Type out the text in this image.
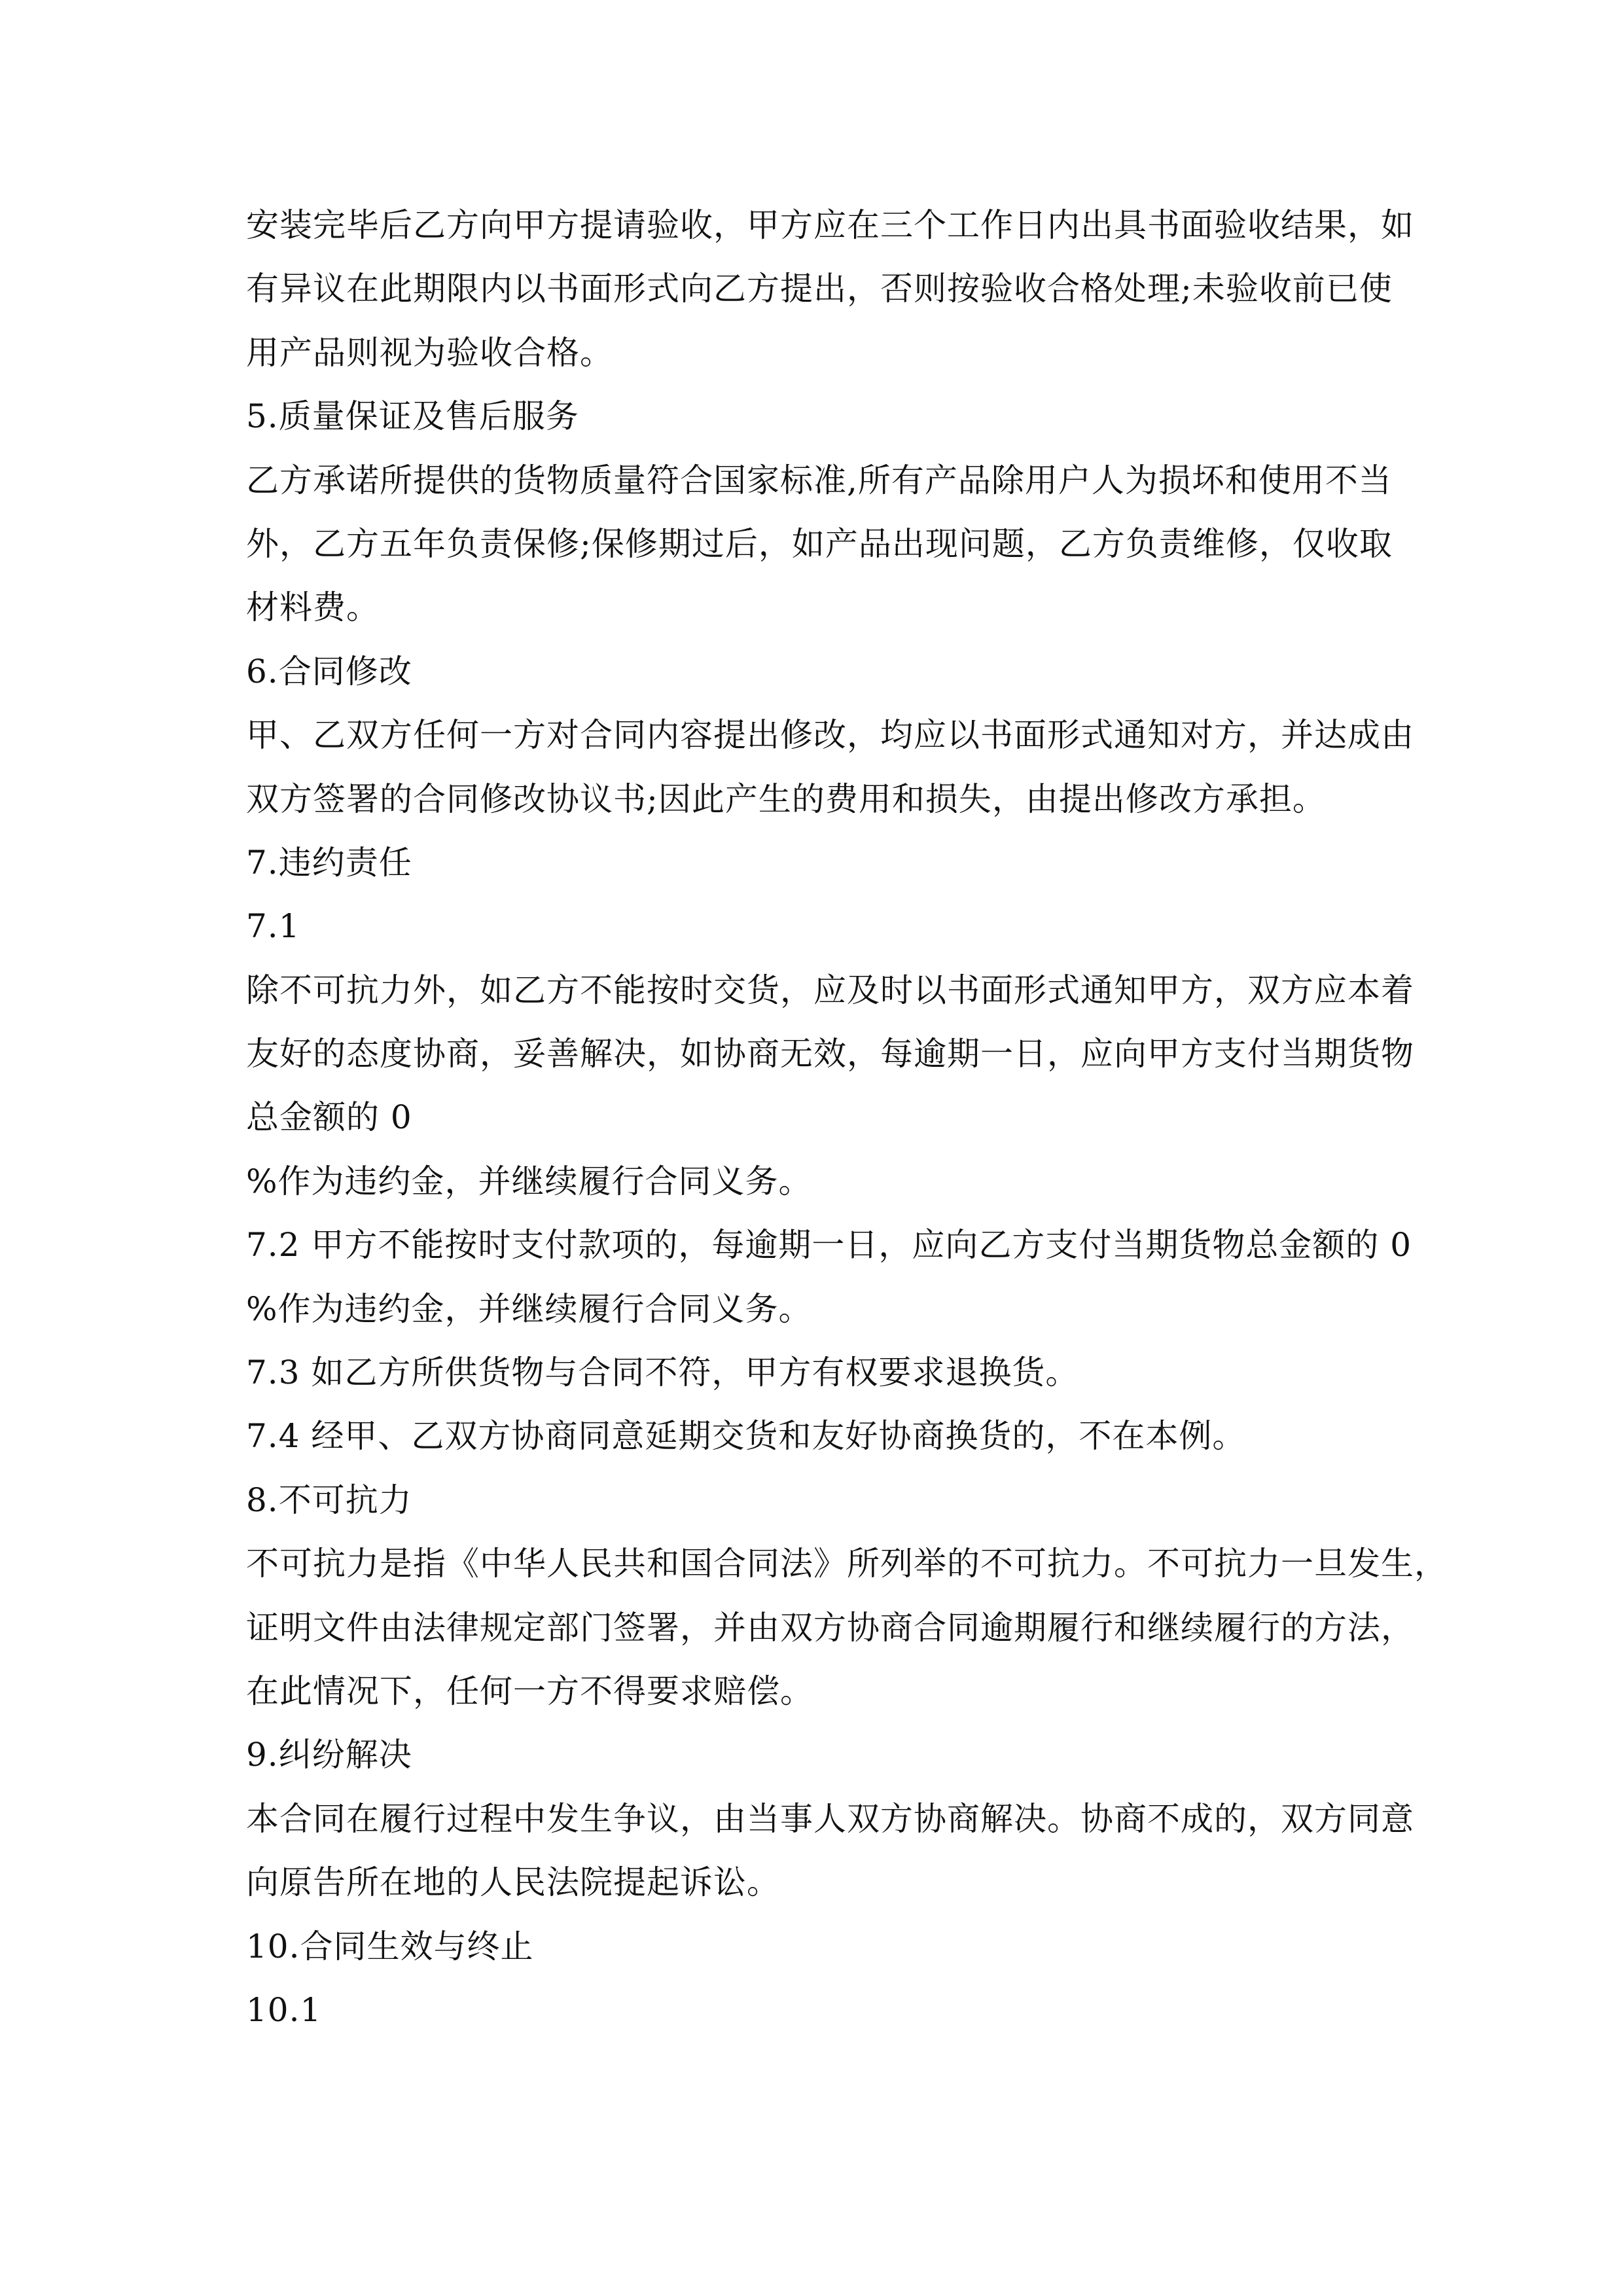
安装完毕后乙方向甲方提请验收，甲方应在三个工作日内出具书面验收结果，如
有异议在此期限内以书面形式向乙方提出，否则按验收合格处理;未验收前已使
用产品则视为验收合格。
5.质量保证及售后服务
乙方承诺所提供的货物质量符合国家标准,所有产品除用户人为损坏和使用不当
外，乙方五年负责保修;保修期过后，如产品出现问题，乙方负责维修，仅收取
材料费。
6.合同修改
甲、乙双方任何一方对合同内容提出修改，均应以书面形式通知对方，并达成由
双方签署的合同修改协议书;因此产生的费用和损失，由提出修改方承担。
7.违约责任
7.1
除不可抗力外，如乙方不能按时交货，应及时以书面形式通知甲方，双方应本着
友好的态度协商，妥善解决，如协商无效，每逾期一日，应向甲方支付当期货物
总金额的 0
%作为违约金，并继续履行合同义务。
7.2 甲方不能按时支付款项的，每逾期一日，应向乙方支付当期货物总金额的 0
%作为违约金，并继续履行合同义务。
7.3 如乙方所供货物与合同不符，甲方有权要求退换货。
7.4 经甲、乙双方协商同意延期交货和友好协商换货的，不在本例。
8.不可抗力
不可抗力是指《中华人民共和国合同法》所列举的不可抗力。不可抗力一旦发生，
证明文件由法律规定部门签署，并由双方协商合同逾期履行和继续履行的方法，
在此情况下，任何一方不得要求赔偿。
9.纠纷解决
本合同在履行过程中发生争议，由当事人双方协商解决。协商不成的，双方同意
向原告所在地的人民法院提起诉讼。
10.合同生效与终止
10.1
